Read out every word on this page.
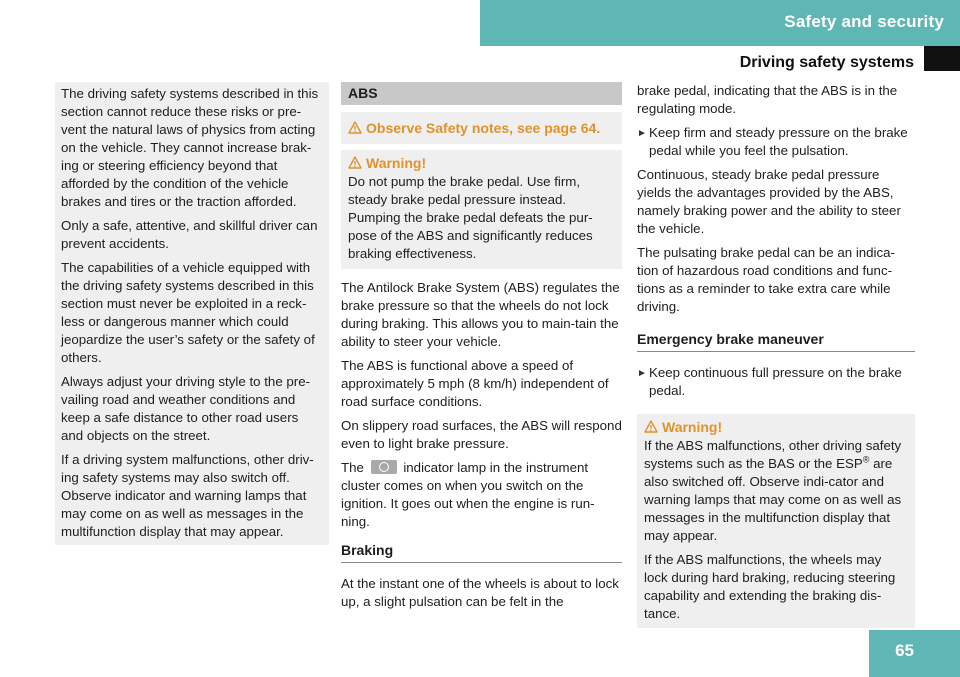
Safety and security
Driving safety systems

The driving safety systems described in this section cannot reduce these risks or pre-vent the natural laws of physics from acting on the vehicle. They cannot increase brak-ing or steering efficiency beyond that afforded by the condition of the vehicle brakes and tires or the traction afforded.

Only a safe, attentive, and skillful driver can prevent accidents.

The capabilities of a vehicle equipped with the driving safety systems described in this section must never be exploited in a reck-less or dangerous manner which could jeopardize the user’s safety or the safety of others.

Always adjust your driving style to the pre-vailing road and weather conditions and keep a safe distance to other road users and objects on the street.

If a driving system malfunctions, other driv-ing safety systems may also switch off. Observe indicator and warning lamps that may come on as well as messages in the multifunction display that may appear.

ABS
Observe Safety notes, see page 64.
Warning!
Do not pump the brake pedal. Use firm, steady brake pedal pressure instead. Pumping the brake pedal defeats the pur-pose of the ABS and significantly reduces braking effectiveness.

The Antilock Brake System (ABS) regulates the brake pressure so that the wheels do not lock during braking. This allows you to main-tain the ability to steer your vehicle.

The ABS is functional above a speed of approximately 5 mph (8 km/h) independent of road surface conditions.

On slippery road surfaces, the ABS will respond even to light brake pressure.

The	indicator lamp in the instrument cluster comes on when you switch on the ignition. It goes out when the engine is run-ning.

Braking

At the instant one of the wheels is about to lock up, a slight pulsation can be felt in the

brake pedal, indicating that the ABS is in the regulating mode.

► Keep firm and steady pressure on the brake pedal while you feel the pulsation.

Continuous, steady brake pedal pressure yields the advantages provided by the ABS, namely braking power and the ability to steer the vehicle.

The pulsating brake pedal can be an indica-tion of hazardous road conditions and func-tions as a reminder to take extra care while driving.

Emergency brake maneuver
► Keep continuous full pressure on the brake pedal.
Warning!

If the ABS malfunctions, other driving safety systems such as the BAS or the ESP® are also switched off. Observe indi-cator and warning lamps that may come on as well as messages in the multifunction display that may appear.

If the ABS malfunctions, the wheels may lock during hard braking, reducing steering capability and extending the braking dis-tance.

65
